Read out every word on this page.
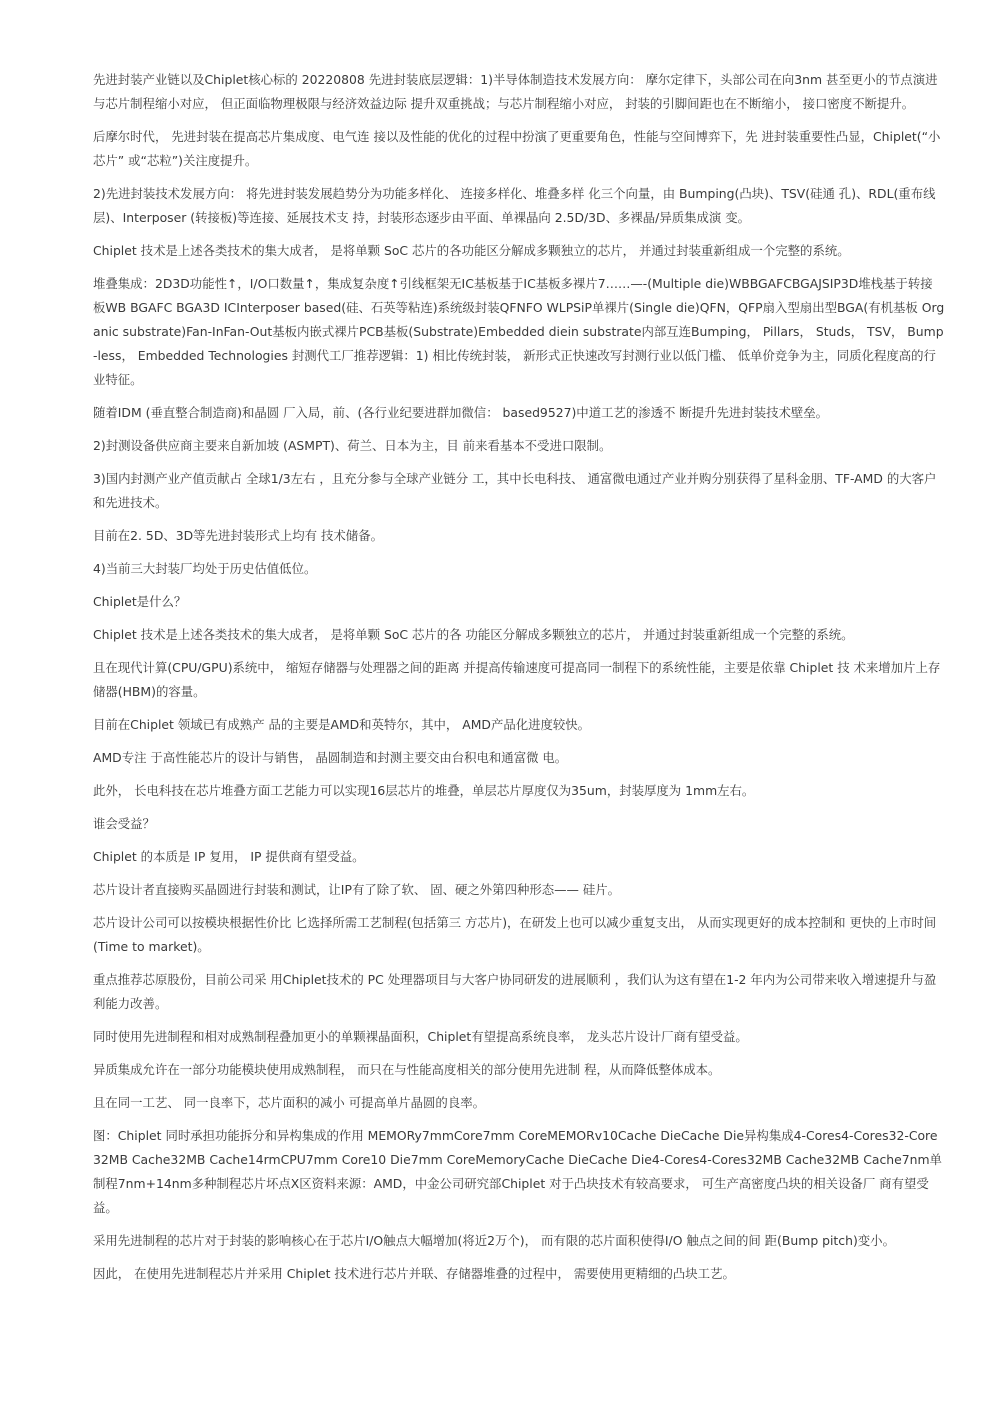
先进封装产业链以及Chiplet核心标的 20220808 先进封装底层逻辑：1)半导体制造技术发展方向： 摩尔定律下，头部公司在向3nm 甚至更小的节点演进与芯片制程缩小对应， 但正面临物理极限与经济效益边际 提升双重挑战；与芯片制程缩小对应， 封装的引脚间距也在不断缩小， 接口密度不断提升。

后摩尔时代， 先进封装在提高芯片集成度、电气连 接以及性能的优化的过程中扮演了更重要角色，性能与空间博弈下，先 进封装重要性凸显，Chiplet(“小芯片” 或“芯粒”)关注度提升。

2)先进封装技术发展方向： 将先进封装发展趋势分为功能多样化、 连接多样化、堆叠多样 化三个向量，由 Bumping(凸块)、TSV(硅通 孔)、RDL(重布线层)、Interposer (转接板)等连接、延展技术支 持，封装形态逐步由平面、单裸晶向 2.5D/3D、多裸晶/异质集成演 变。

Chiplet 技术是上述各类技术的集大成者， 是将单颗 SoC 芯片的各功能区分解成多颗独立的芯片， 并通过封装重新组成一个完整的系统。

堆叠集成：2D3D功能性↑，I/O口数量↑，集成复杂度↑引线框架无IC基板基于IC基板多裸片7……—-(Multiple die)WBBGAFCBGAJSIP3D堆栈基于转接板WB BGAFC BGA3D ICInterposer based(硅、石英等粘连)系统级封装QFNFO WLPSiP单裸片(Single die)QFN，QFP扇入型扇出型BGA(有机基板 Organic substrate)Fan-InFan-Out基板内嵌式裸片PCB基板(Substrate)Embedded diein substrate内部互连Bumping， Pillars， Studs， TSV， Bump-less， Embedded Technologies 封测代工厂推荐逻辑：1) 相比传统封装， 新形式正快速改写封测行业以低门槛、 低单价竞争为主，同质化程度高的行业特征。

随着IDM (垂直整合制造商)和晶圆 厂入局，前、(各行业纪要进群加微信： based9527)中道工艺的渗透不 断提升先进封装技术壁垒。

2)封测设备供应商主要来自新加坡 (ASMPT)、荷兰、日本为主，目 前来看基本不受进口限制。

3)国内封测产业产值贡献占 全球1/3左右 ，且充分参与全球产业链分 工，其中长电科技、 通富微电通过产业并购分别获得了星科金朋、TF-AMD 的大客户和先进技术。

目前在2. 5D、3D等先进封装形式上均有 技术储备。

4)当前三大封装厂均处于历史估值低位。

Chiplet是什么？

Chiplet 技术是上述各类技术的集大成者， 是将单颗 SoC 芯片的各 功能区分解成多颗独立的芯片， 并通过封装重新组成一个完整的系统。

且在现代计算(CPU/GPU)系统中， 缩短存储器与处理器之间的距离 并提高传输速度可提高同一制程下的系统性能，主要是依靠 Chiplet 技 术来增加片上存储器(HBM)的容量。

目前在Chiplet 领域已有成熟产 品的主要是AMD和英特尔，其中， AMD产品化进度较快。

AMD专注 于高性能芯片的设计与销售， 晶圆制造和封测主要交由台积电和通富微 电。

此外， 长电科技在芯片堆叠方面工艺能力可以实现16层芯片的堆叠，单层芯片厚度仅为35um，封装厚度为 1mm左右。

谁会受益？

Chiplet 的本质是 IP 复用， IP 提供商有望受益。

芯片设计者直接购买晶圆进行封装和测试，让IP有了除了软、 固、硬之外第四种形态—— 硅片。

芯片设计公司可以按模块根据性价比 匕选择所需工艺制程(包括第三 方芯片)，在研发上也可以减少重复支出， 从而实现更好的成本控制和 更快的上市时间(Time to market)。

重点推荐芯原股份，目前公司采 用Chiplet技术的 PC 处理器项目与大客户协同研发的进展顺利 ，我们认为这有望在1-2 年内为公司带来收入增速提升与盈利能力改善。

同时使用先进制程和相对成熟制程叠加更小的单颗裸晶面积，Chiplet有望提高系统良率， 龙头芯片设计厂商有望受益。

异质集成允许在一部分功能模块使用成熟制程， 而只在与性能高度相关的部分使用先进制 程，从而降低整体成本。

且在同一工艺、 同一良率下，芯片面积的减小 可提高单片晶圆的良率。

图：Chiplet 同时承担功能拆分和异构集成的作用 MEMORy7mmCore7mm CoreMEMORv10Cache DieCache Die异构集成4-Cores4-Cores32-Core32MB Cache32MB Cache14rmCPU7mm Core10 Die7mm CoreMemoryCache DieCache Die4-Cores4-Cores32MB Cache32MB Cache7nm单制程7nm+14nm多种制程芯片坏点X区资料来源：AMD，中金公司研究部Chiplet 对于凸块技术有较高要求， 可生产高密度凸块的相关设备厂 商有望受益。

采用先进制程的芯片对于封装的影响核心在于芯片I/O触点大幅增加(将近2万个)， 而有限的芯片面积使得I/O 触点之间的间 距(Bump pitch)变小。

因此， 在使用先进制程芯片并采用 Chiplet 技术进行芯片并联、存储器堆叠的过程中， 需要使用更精细的凸块工艺。
